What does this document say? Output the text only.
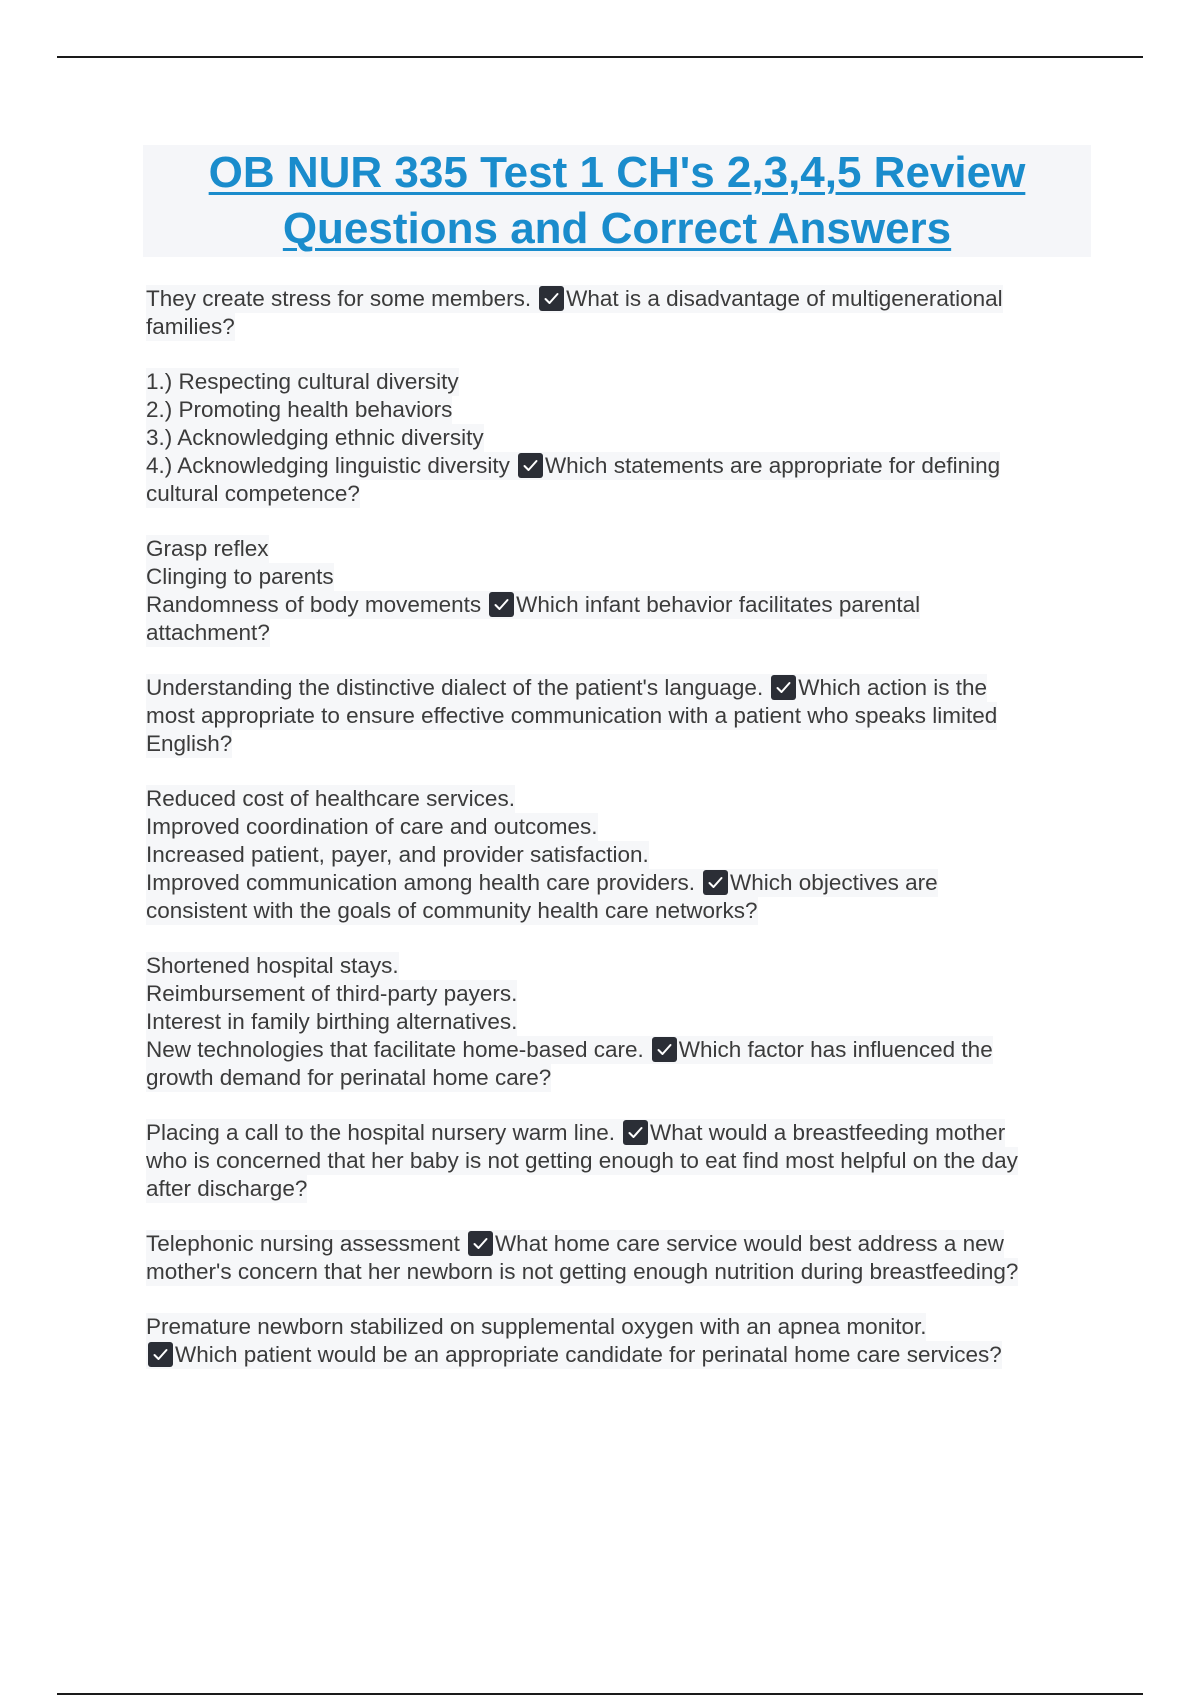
OB NUR 335 Test 1 CH's 2,3,4,5 Review
Questions and Correct Answers
They create stress for some members. What is a disadvantage of multigenerational
families?
1.) Respecting cultural diversity
2.) Promoting health behaviors
3.) Acknowledging ethnic diversity
4.) Acknowledging linguistic diversity Which statements are appropriate for defining
cultural competence?
Grasp reflex
Clinging to parents
Randomness of body movements Which infant behavior facilitates parental
attachment?
Understanding the distinctive dialect of the patient's language. Which action is the
most appropriate to ensure effective communication with a patient who speaks limited
English?
Reduced cost of healthcare services.
Improved coordination of care and outcomes.
Increased patient, payer, and provider satisfaction.
Improved communication among health care providers. Which objectives are
consistent with the goals of community health care networks?
Shortened hospital stays.
Reimbursement of third-party payers.
Interest in family birthing alternatives.
New technologies that facilitate home-based care. Which factor has influenced the
growth demand for perinatal home care?
Placing a call to the hospital nursery warm line. What would a breastfeeding mother
who is concerned that her baby is not getting enough to eat find most helpful on the day
after discharge?
Telephonic nursing assessment What home care service would best address a new
mother's concern that her newborn is not getting enough nutrition during breastfeeding?
Premature newborn stabilized on supplemental oxygen with an apnea monitor.
Which patient would be an appropriate candidate for perinatal home care services?
